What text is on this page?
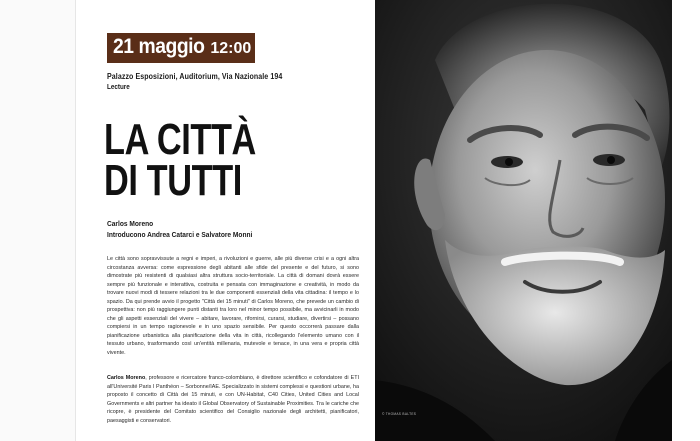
21 maggio 12:00
Palazzo Esposizioni, Auditorium, Via Nazionale 194
Lecture
LA CITTÀ
DI TUTTI
Carlos Moreno
Introducono Andrea Catarci e Salvatore Monni

Le città sono sopravvissute a regni e imperi, a rivoluzioni e guerre, alle più diverse crisi e a ogni altra circostanza avversa: come espressione degli abitanti alle sfide del presente e del futuro, si sono dimostrate più resistenti di qualsiasi altra struttura socio-territoriale. La città di domani dovrà essere sempre più funzionale e interattiva, costruita e pensata con immaginazione e creatività, in modo da trovare nuovi modi di tessere relazioni tra le due componenti essenziali della vita cittadina: il tempo e lo spazio. Da qui prende avvio il progetto "Città dei 15 minuti" di Carlos Moreno, che prevede un cambio di prospettiva: non più raggiungere punti distanti tra loro nel minor tempo possibile, ma avvicinarli in modo che gli aspetti essenziali del vivere – abitare, lavorare, rifornirsi, curarsi, studiare, divertirsi – possano compiersi in un tempo ragionevole e in uno spazio sensibile. Per questo occorrerà passare dalla pianificazione urbanistica alla pianificazione della vita in città, ricollegando l'elemento umano con il tessuto urbano, trasformando così un'entità millenaria, mutevole e tenace, in una vera e propria città vivente.

Carlos Moreno, professore e ricercatore franco-colombiano, è direttore scientifico e cofondatore di ETI all'Université Paris I Panthéon – Sorbonne/IAE. Specializzato in sistemi complessi e questioni urbane, ha proposto il concetto di Città dei 15 minuti, e con UN-Habitat, C40 Cities, United Cities and Local Governments e altri partner ha ideato il Global Observatory of Sustainable Proximities. Tra le cariche che ricopre, è presidente del Comitato scientifico del Consiglio nazionale degli architetti, pianificatori, paesaggisti e conservatori.

© THOMAS BALTES
